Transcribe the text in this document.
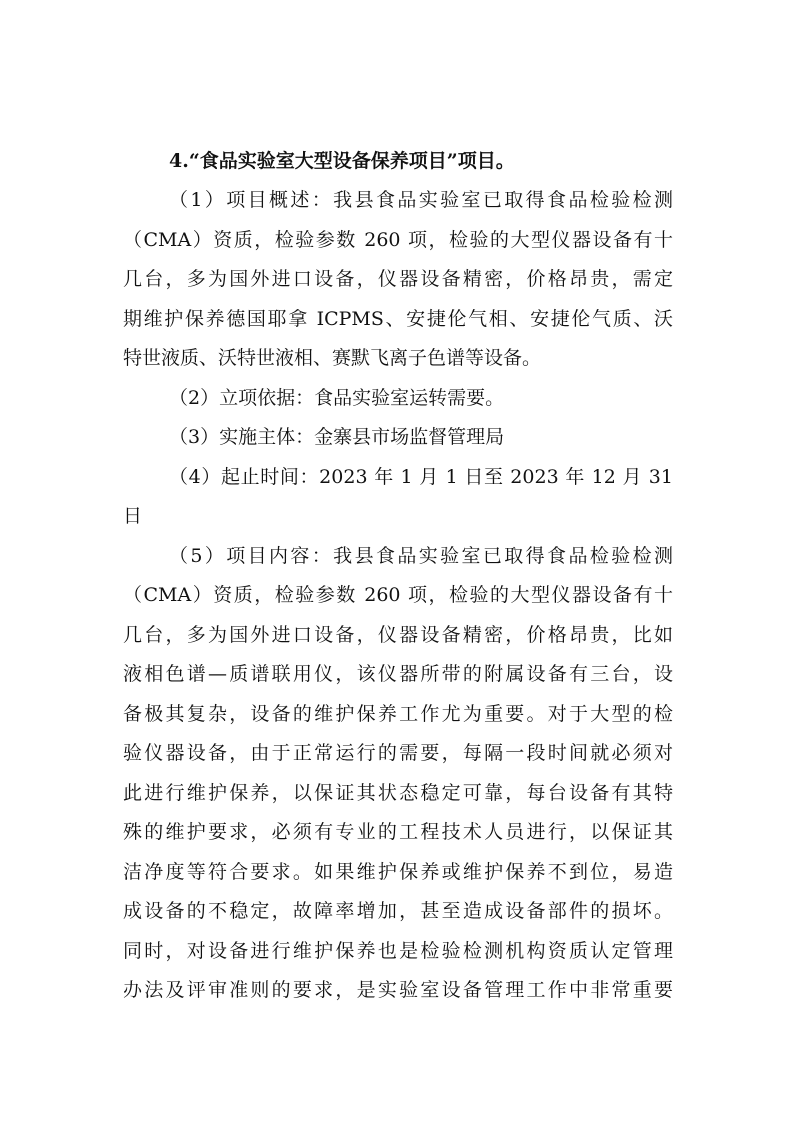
4.“食品实验室大型设备保养项目”项目。
（1）项目概述：我县食品实验室已取得食品检验检测
（CMA）资质，检验参数 260 项，检验的大型仪器设备有十
几台，多为国外进口设备，仪器设备精密，价格昂贵，需定
期维护保养德国耶拿 ICPMS、安捷伦气相、安捷伦气质、沃
特世液质、沃特世液相、赛默飞离子色谱等设备。
（2）立项依据：食品实验室运转需要。
（3）实施主体：金寨县市场监督管理局
（4）起止时间：2023 年 1 月 1 日至 2023 年 12 月 31
日
（5）项目内容：我县食品实验室已取得食品检验检测
（CMA）资质，检验参数 260 项，检验的大型仪器设备有十
几台，多为国外进口设备，仪器设备精密，价格昂贵，比如
液相色谱—质谱联用仪，该仪器所带的附属设备有三台，设
备极其复杂，设备的维护保养工作尤为重要。对于大型的检
验仪器设备，由于正常运行的需要，每隔一段时间就必须对
此进行维护保养，以保证其状态稳定可靠，每台设备有其特
殊的维护要求，必须有专业的工程技术人员进行，以保证其
洁净度等符合要求。如果维护保养或维护保养不到位，易造
成设备的不稳定，故障率增加，甚至造成设备部件的损坏。
同时，对设备进行维护保养也是检验检测机构资质认定管理
办法及评审准则的要求，是实验室设备管理工作中非常重要
